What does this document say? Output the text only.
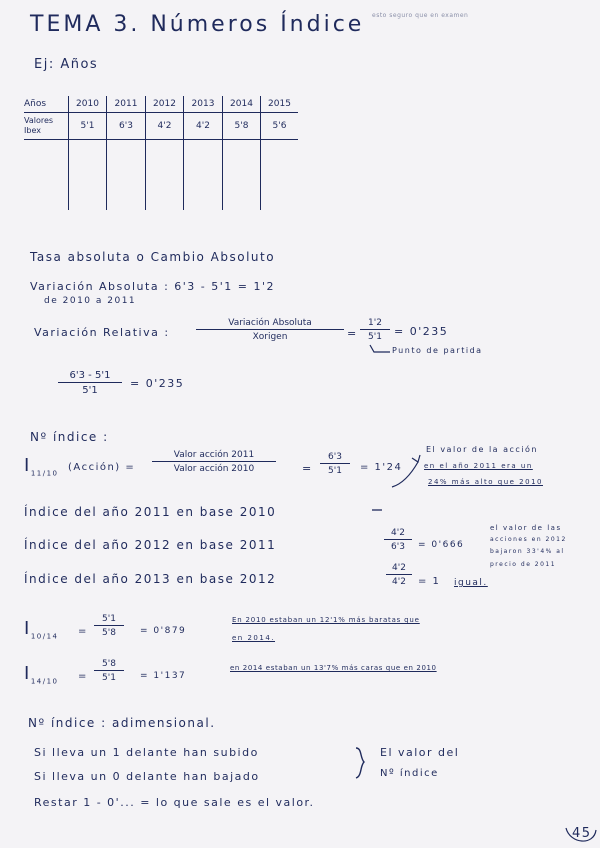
TEMA 3. Números Índice esto seguro que en examen
Ej: Años
Años	2010	2011	2012	2013	2014	2015
Valores
Ibex	5'1	6'3	4'2	4'2	5'8	5'6

Tasa absoluta o Cambio Absoluto
Variación Absoluta : 6'3 - 5'1 = 1'2
de 2010 a 2011
Variación Relativa :
Variación Absoluta
Xorigen	= $\frac{1'2}{5'1} = 0'235$
Punto de partida
$\frac{6'3 - 5'1}{5'1} = 0'235$
Nº índice :
$I_{11/10}$
(Acción) =
Valor acción 2011
Valor acción 2010	= $\frac{6'3}{5'1} = 1'24$
El valor de la acción
en el año 2011 era un
24% más alto que 2010
Índice del año 2011 en base 2010
Índice del año 2012 en base 2011	$\frac{4'2}{6'3} = 0'666$
el valor de las
acciones en 2012
bajaron 33'4% al
precio de 2011
Índice del año 2013 en base 2012	$\frac{4'2}{4'2} = 1$ igual.
$I_{10/14} = \frac{5'1}{5'8} = 0'879$
En 2010 estaban un 12'1% más baratas que
en 2014.
$I_{14/10} = \frac{5'8}{5'1} = 1'137$
en 2014 estaban un 13'7% más caras que en 2010
Nº índice : adimensional.
Si lleva un 1 delante han subido
Si lleva un 0 delante han bajado
El valor del
Nº índice
Restar 1 - 0'... = lo que sale es el valor.
45
